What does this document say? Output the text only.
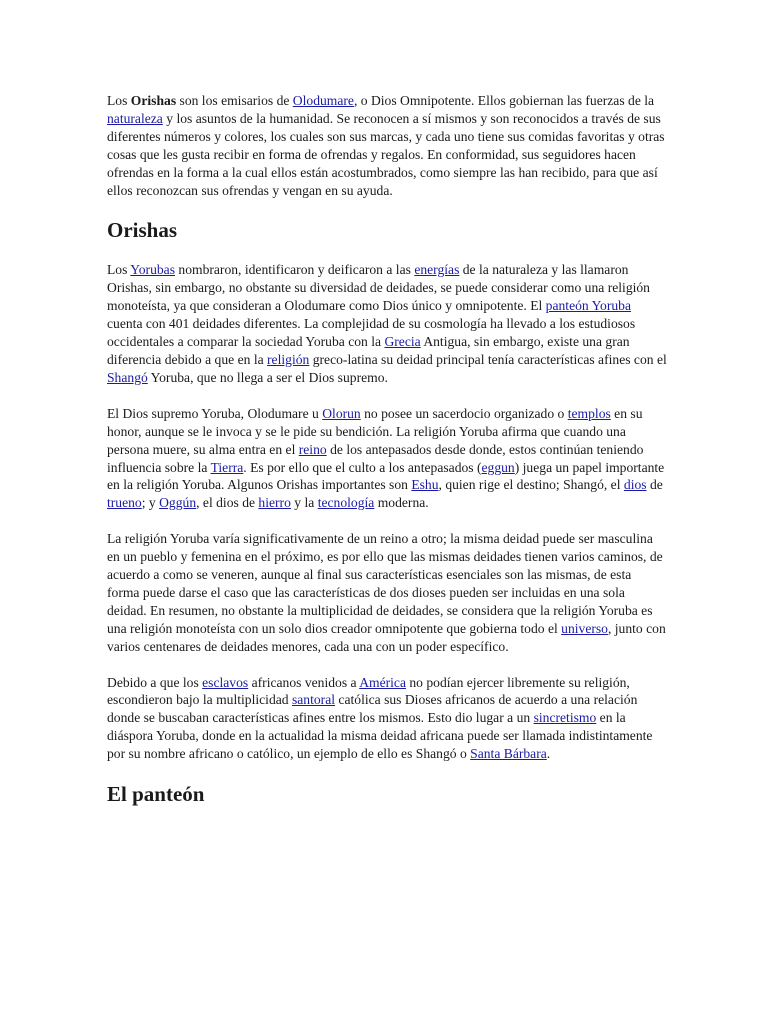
Los Orishas son los emisarios de Olodumare, o Dios Omnipotente. Ellos gobiernan las fuerzas de la naturaleza y los asuntos de la humanidad. Se reconocen a sí mismos y son reconocidos a través de sus diferentes números y colores, los cuales son sus marcas, y cada uno tiene sus comidas favoritas y otras cosas que les gusta recibir en forma de ofrendas y regalos. En conformidad, sus seguidores hacen ofrendas en la forma a la cual ellos están acostumbrados, como siempre las han recibido, para que así ellos reconozcan sus ofrendas y vengan en su ayuda.

Orishas

Los Yorubas nombraron, identificaron y deificaron a las energías de la naturaleza y las llamaron Orishas, sin embargo, no obstante su diversidad de deidades, se puede considerar como una religión monoteísta, ya que consideran a Olodumare como Dios único y omnipotente. El panteón Yoruba cuenta con 401 deidades diferentes. La complejidad de su cosmología ha llevado a los estudiosos occidentales a comparar la sociedad Yoruba con la Grecia Antigua, sin embargo, existe una gran diferencia debido a que en la religión greco-latina su deidad principal tenía características afines con el Shangó Yoruba, que no llega a ser el Dios supremo.

El Dios supremo Yoruba, Olodumare u Olorun no posee un sacerdocio organizado o templos en su honor, aunque se le invoca y se le pide su bendición. La religión Yoruba afirma que cuando una persona muere, su alma entra en el reino de los antepasados desde donde, estos continúan teniendo influencia sobre la Tierra. Es por ello que el culto a los antepasados (eggun) juega un papel importante en la religión Yoruba. Algunos Orishas importantes son Eshu, quien rige el destino; Shangó, el dios de trueno; y Oggún, el dios de hierro y la tecnología moderna.

La religión Yoruba varía significativamente de un reino a otro; la misma deidad puede ser masculina en un pueblo y femenina en el próximo, es por ello que las mismas deidades tienen varios caminos, de acuerdo a como se veneren, aunque al final sus características esenciales son las mismas, de esta forma puede darse el caso que las características de dos dioses pueden ser incluidas en una sola deidad. En resumen, no obstante la multiplicidad de deidades, se considera que la religión Yoruba es una religión monoteísta con un solo dios creador omnipotente que gobierna todo el universo, junto con varios centenares de deidades menores, cada una con un poder específico.

Debido a que los esclavos africanos venidos a América no podían ejercer libremente su religión, escondieron bajo la multiplicidad santoral católica sus Dioses africanos de acuerdo a una relación donde se buscaban características afines entre los mismos. Esto dio lugar a un sincretismo en la diáspora Yoruba, donde en la actualidad la misma deidad africana puede ser llamada indistintamente por su nombre africano o católico, un ejemplo de ello es Shangó o Santa Bárbara.

El panteón
